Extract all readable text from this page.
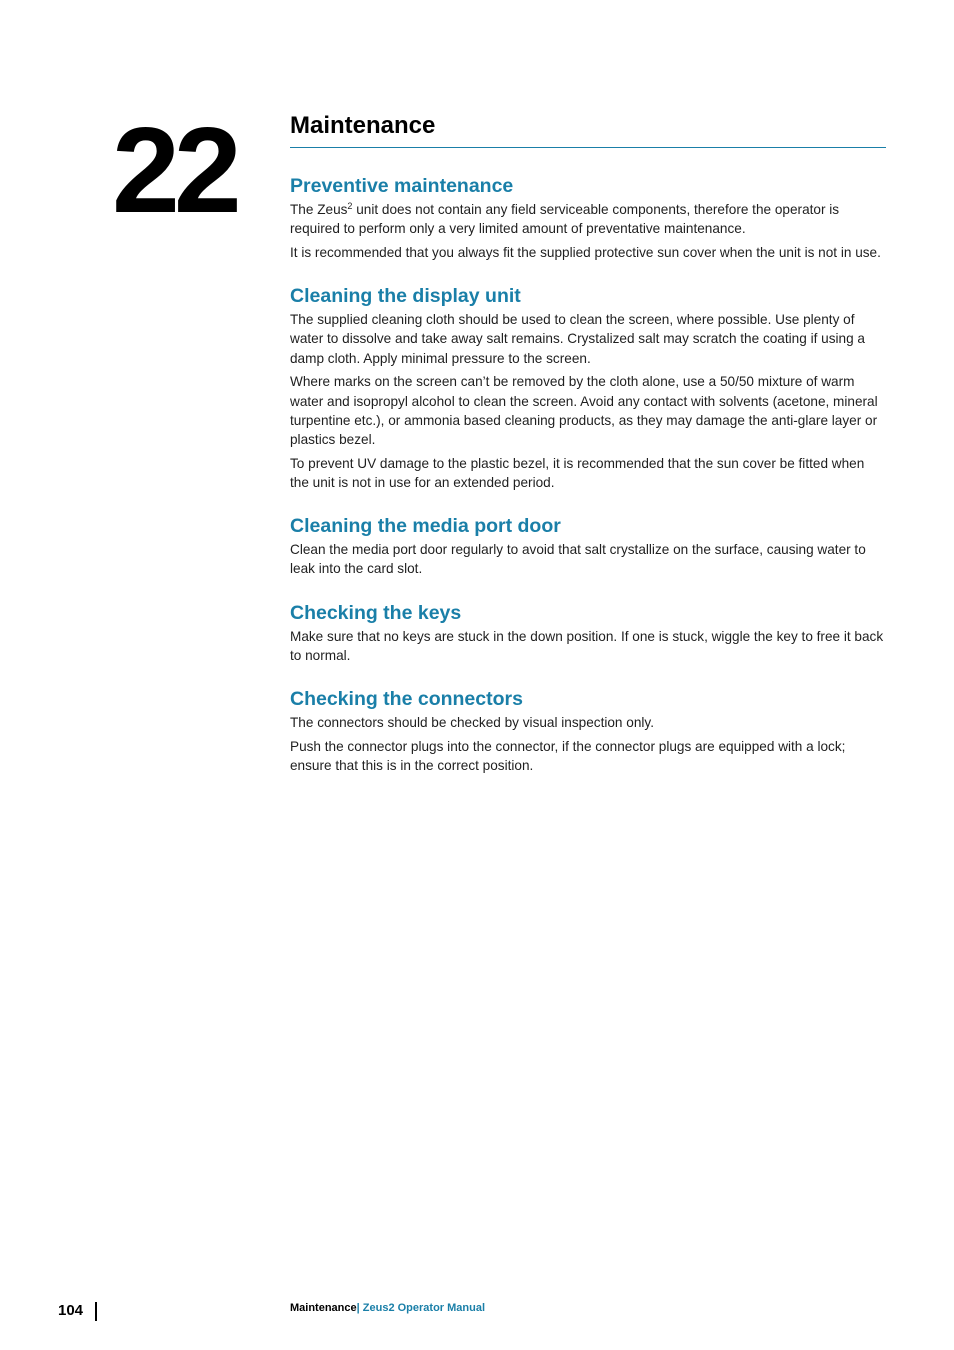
22	Maintenance
Preventive maintenance

The Zeus$^2$ unit does not contain any field serviceable components, therefore the operator is required to perform only a very limited amount of preventative maintenance.

It is recommended that you always fit the supplied protective sun cover when the unit is not in use.

Cleaning the display unit

The supplied cleaning cloth should be used to clean the screen, where possible. Use plenty of water to dissolve and take away salt remains. Crystalized salt may scratch the coating if using a damp cloth. Apply minimal pressure to the screen.

Where marks on the screen can’t be removed by the cloth alone, use a 50/50 mixture of warm water and isopropyl alcohol to clean the screen. Avoid any contact with solvents (acetone, mineral turpentine etc.), or ammonia based cleaning products, as they may damage the anti-glare layer or plastics bezel.

To prevent UV damage to the plastic bezel, it is recommended that the sun cover be fitted when the unit is not in use for an extended period.

Cleaning the media port door

Clean the media port door regularly to avoid that salt crystallize on the surface, causing water to leak into the card slot.

Checking the keys

Make sure that no keys are stuck in the down position. If one is stuck, wiggle the key to free it back to normal.

Checking the connectors

The connectors should be checked by visual inspection only.

Push the connector plugs into the connector, if the connector plugs are equipped with a lock; ensure that this is in the correct position.

104	Maintenance| Zeus2 Operator Manual
